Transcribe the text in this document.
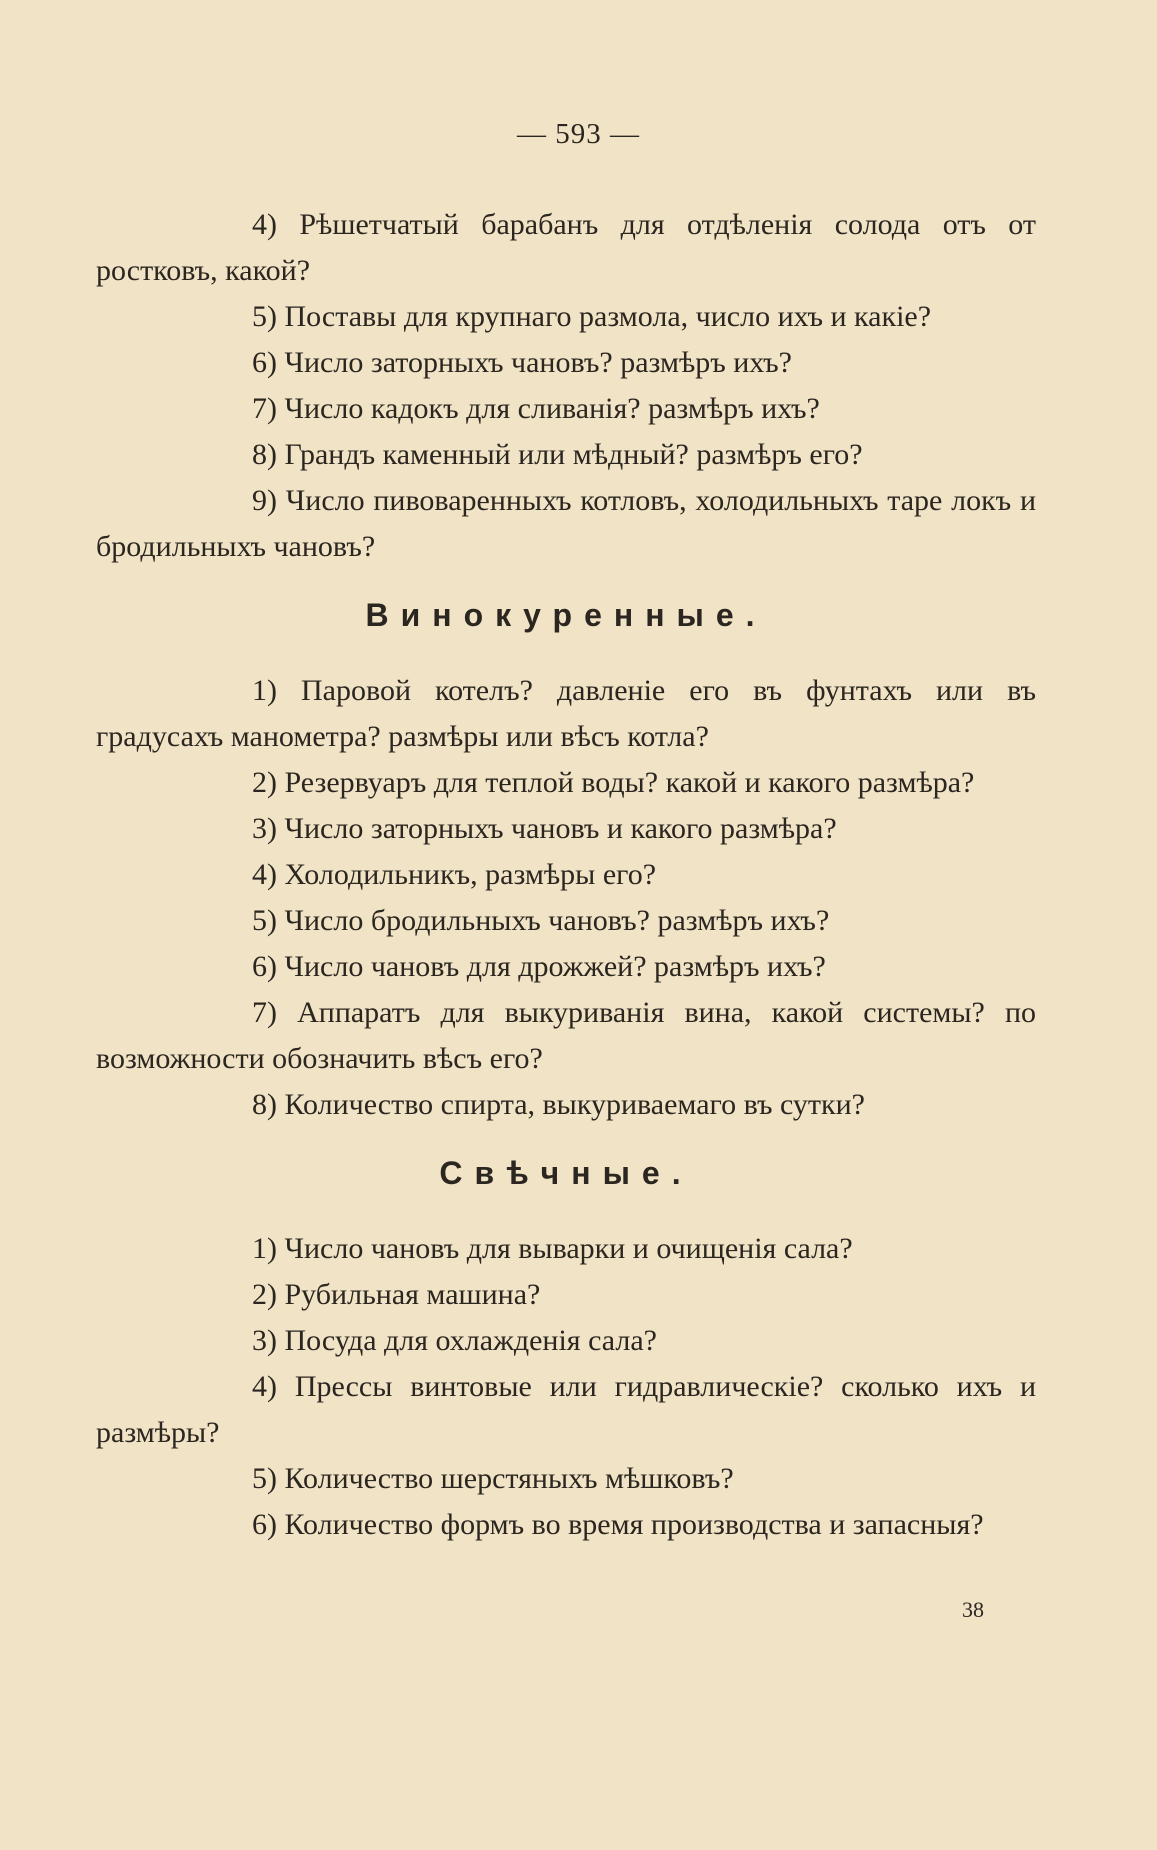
— 593 —

4) Рѣшетчатый барабанъ для отдѣленія солода отъ от ростковъ, какой?

5) Поставы для крупнаго размола, число ихъ и какіе?

6) Число заторныхъ чановъ? размѣръ ихъ?

7) Число кадокъ для сливанія? размѣръ ихъ?

8) Грандъ каменный или мѣдный? размѣръ его?

9) Число пивоваренныхъ котловъ, холодильныхъ таре локъ и бродильныхъ чановъ?

Винокуренные.

1) Паровой котелъ? давленіе его въ фунтахъ или въ градусахъ манометра? размѣры или вѣсъ котла?

2) Резервуаръ для теплой воды? какой и какого размѣра?

3) Число заторныхъ чановъ и какого размѣра?

4) Холодильникъ, размѣры его?

5) Число бродильныхъ чановъ? размѣръ ихъ?

6) Число чановъ для дрожжей? размѣръ ихъ?

7) Аппаратъ для выкуриванія вина, какой системы? по возможности обозначить вѣсъ его?

8) Количество спирта, выкуриваемаго въ сутки?

Свѣчные.

1) Число чановъ для выварки и очищенія сала?

2) Рубильная машина?

3) Посуда для охлажденія сала?

4) Прессы винтовые или гидравлическіе? сколько ихъ и размѣры?

5) Количество шерстяныхъ мѣшковъ?

6) Количество формъ во время производства и запасныя?

38
